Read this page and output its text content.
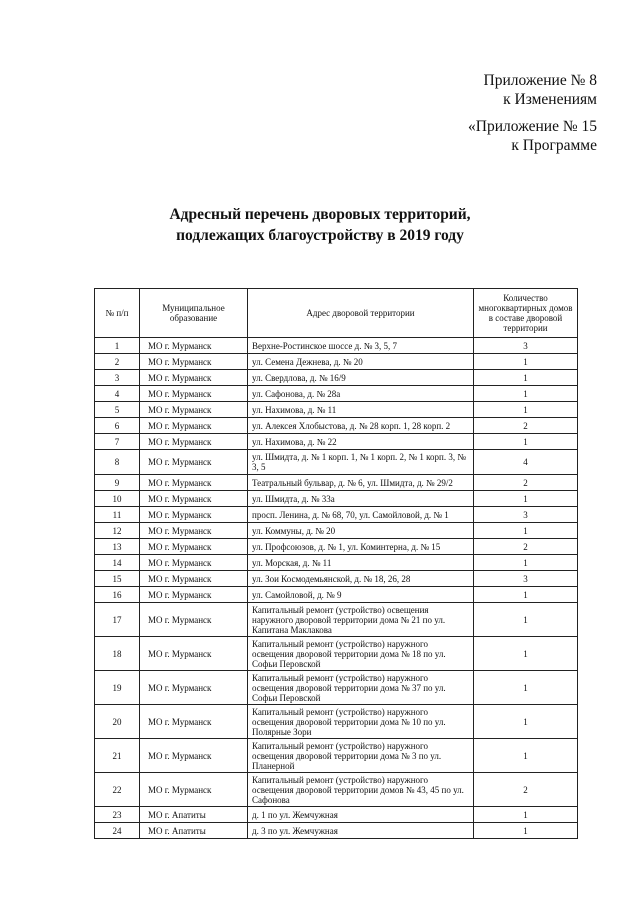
Приложение № 8
к Изменениям
«Приложение № 15
к Программе
Адресный перечень дворовых территорий,
подлежащих благоустройству в 2019 году
№ п/п	Муниципальное образование	Адрес дворовой территории	Количество многоквартирных домов в составе дворовой территории
1	МО г. Мурманск	Верхне-Ростинское шоссе д. № 3, 5, 7	3
2	МО г. Мурманск	ул. Семена Дежнева, д. № 20	1
3	МО г. Мурманск	ул. Свердлова, д. № 16/9	1
4	МО г. Мурманск	ул. Сафонова, д. № 28а	1
5	МО г. Мурманск	ул. Нахимова, д. № 11	1
6	МО г. Мурманск	ул. Алексея Хлобыстова, д. № 28 корп. 1, 28 корп. 2	2
7	МО г. Мурманск	ул. Нахимова, д. № 22	1
8	МО г. Мурманск	ул. Шмидта, д. № 1 корп. 1, № 1 корп. 2, № 1 корп. 3, № 3, 5	4
9	МО г. Мурманск	Театральный бульвар, д. № 6, ул. Шмидта, д. № 29/2	2
10	МО г. Мурманск	ул. Шмидта, д. № 33а	1
11	МО г. Мурманск	просп. Ленина, д. № 68, 70, ул. Самойловой, д. № 1	3
12	МО г. Мурманск	ул. Коммуны, д. № 20	1
13	МО г. Мурманск	ул. Профсоюзов, д. № 1, ул. Коминтерна, д. № 15	2
14	МО г. Мурманск	ул. Морская, д. № 11	1
15	МО г. Мурманск	ул. Зои Космодемьянской, д. № 18, 26, 28	3
16	МО г. Мурманск	ул. Самойловой, д. № 9	1
17	МО г. Мурманск	Капитальный ремонт (устройство) освещения наружного дворовой территории дома № 21 по ул. Капитана Маклакова	1
18	МО г. Мурманск	Капитальный ремонт (устройство) наружного освещения дворовой территории дома № 18 по ул. Софьи Перовской	1
19	МО г. Мурманск	Капитальный ремонт (устройство) наружного освещения дворовой территории дома № 37 по ул. Софьи Перовской	1
20	МО г. Мурманск	Капитальный ремонт (устройство) наружного освещения дворовой территории дома № 10 по ул. Полярные Зори	1
21	МО г. Мурманск	Капитальный ремонт (устройство) наружного освещения дворовой территории дома № 3 по ул. Планерной	1
22	МО г. Мурманск	Капитальный ремонт (устройство) наружного освещения дворовой территории домов № 43, 45 по ул. Сафонова	2
23	МО г. Апатиты	д. 1 по ул. Жемчужная	1
24	МО г. Апатиты	д. 3 по ул. Жемчужная	1
